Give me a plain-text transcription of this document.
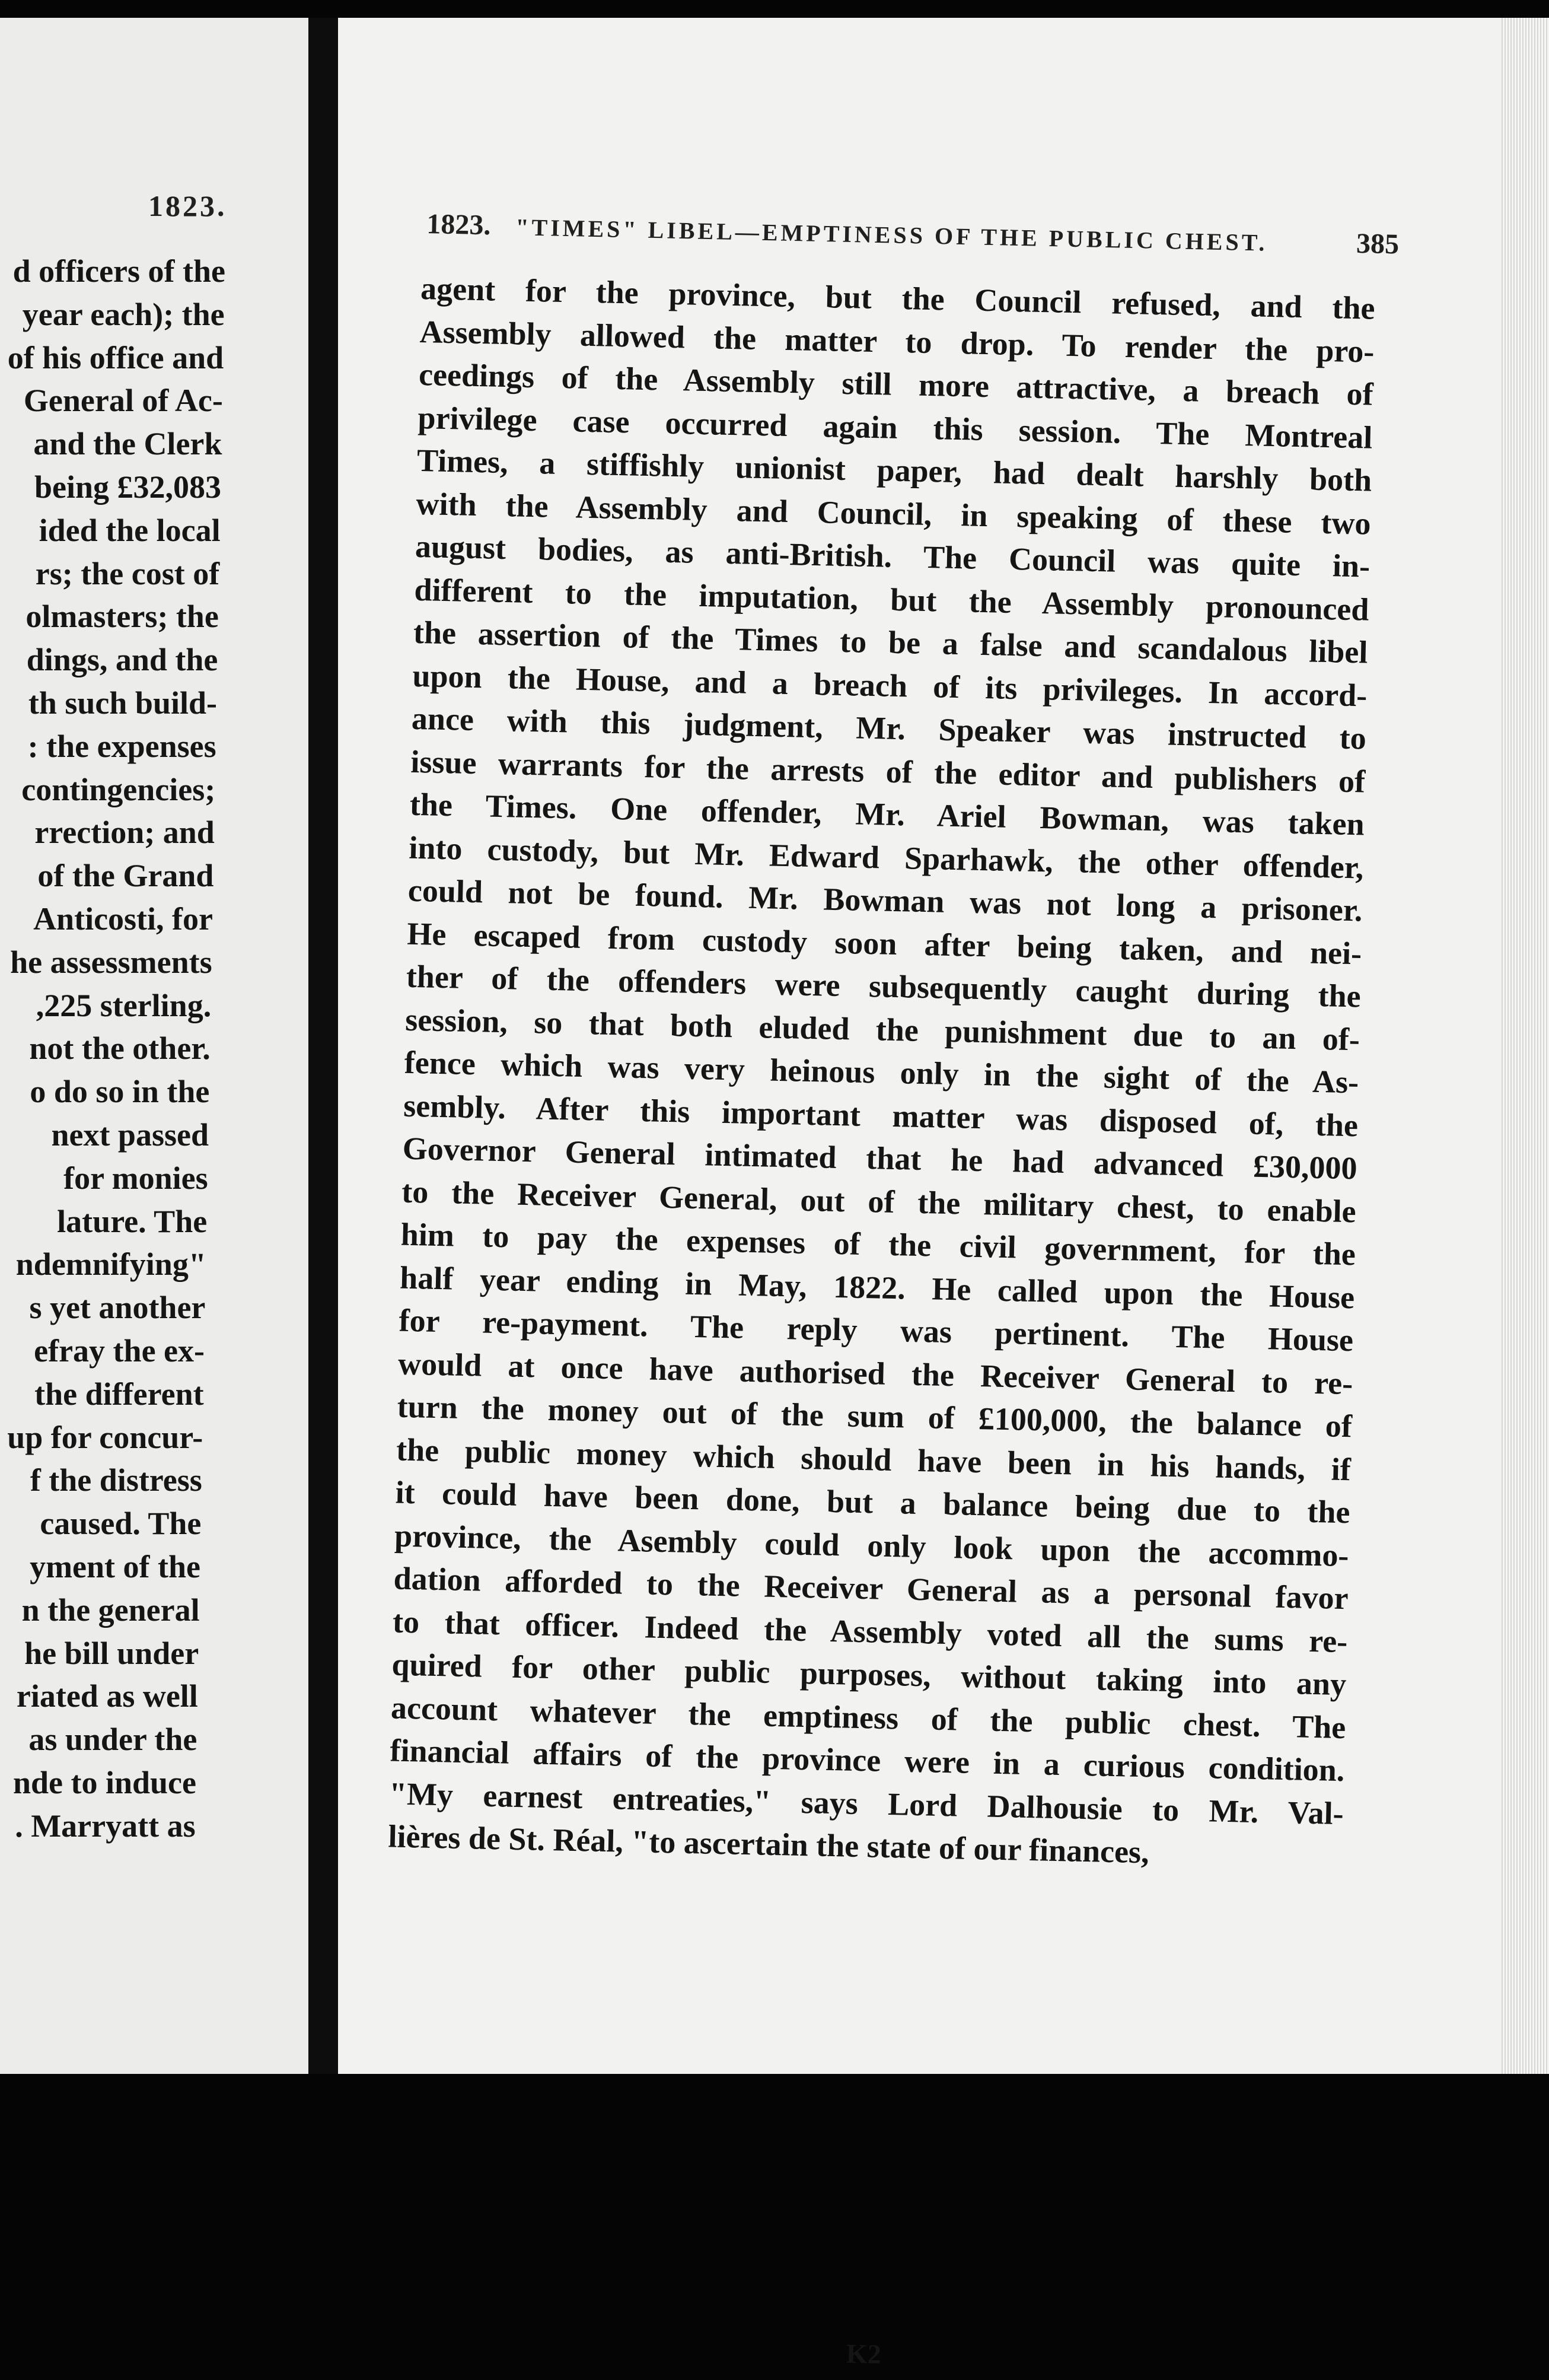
1823.
d officers of the
year each); the
of his office and
General of Ac-
and the Clerk
being £32,083
ided the local
rs; the cost of
olmasters; the
dings, and the
th such build-
: the expenses
contingencies;
rrection; and
of the Grand
Anticosti, for
he assessments
,225 sterling.
not the other.
o do so in the
next passed
for monies
lature. The
ndemnifying"
s yet another
efray the ex-
the different
up for concur-
f the distress
caused. The
yment of the
n the general
he bill under
riated as well
as under the
nde to induce
. Marryatt as
1823. "TIMES" LIBEL—EMPTINESS OF THE PUBLIC CHEST.	385
agent for the province, but the Council refused, and the
Assembly allowed the matter to drop. To render the pro-
ceedings of the Assembly still more attractive, a breach of
privilege case occurred again this session. The Montreal
Times, a stiffishly unionist paper, had dealt harshly both
with the Assembly and Council, in speaking of these two
august bodies, as anti-British. The Council was quite in-
different to the imputation, but the Assembly pronounced
the assertion of the Times to be a false and scandalous libel
upon the House, and a breach of its privileges. In accord-
ance with this judgment, Mr. Speaker was instructed to
issue warrants for the arrests of the editor and publishers of
the Times. One offender, Mr. Ariel Bowman, was taken
into custody, but Mr. Edward Sparhawk, the other offender,
could not be found. Mr. Bowman was not long a prisoner.
He escaped from custody soon after being taken, and nei-
ther of the offenders were subsequently caught during the
session, so that both eluded the punishment due to an of-
fence which was very heinous only in the sight of the As-
sembly. After this important matter was disposed of, the
Governor General intimated that he had advanced £30,000
to the Receiver General, out of the military chest, to enable
him to pay the expenses of the civil government, for the
half year ending in May, 1822. He called upon the House
for re-payment. The reply was pertinent. The House
would at once have authorised the Receiver General to re-
turn the money out of the sum of £100,000, the balance of
the public money which should have been in his hands, if
it could have been done, but a balance being due to the
province, the Asembly could only look upon the accommo-
dation afforded to the Receiver General as a personal favor
to that officer. Indeed the Assembly voted all the sums re-
quired for other public purposes, without taking into any
account whatever the emptiness of the public chest. The
financial affairs of the province were in a curious condition.
"My earnest entreaties," says Lord Dalhousie to Mr. Val-
lières de St. Réal, "to ascertain the state of our finances,
K2
